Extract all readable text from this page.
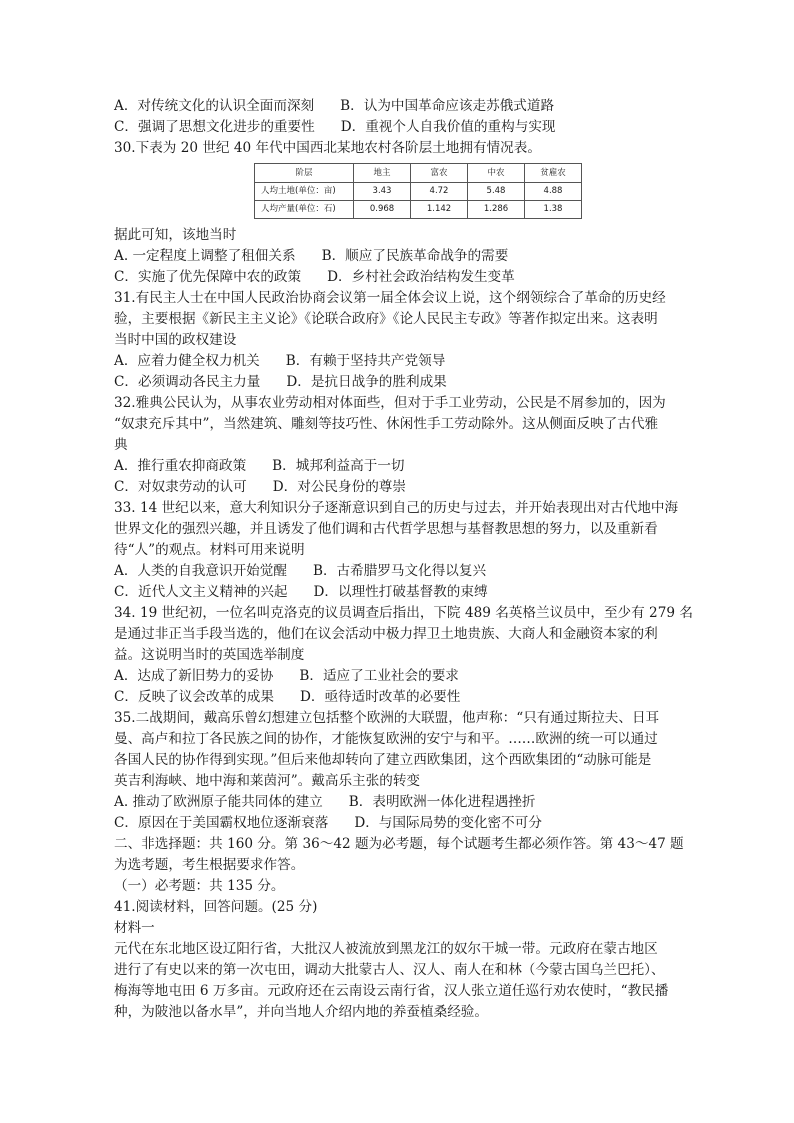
A．对传统文化的认识全面而深刻 B．认为中国革命应该走苏俄式道路
C．强调了思想文化进步的重要性 D．重视个人自我价值的重构与实现
30.下表为 20 世纪 40 年代中国西北某地农村各阶层土地拥有情况表。
阶层	地主	富农	中农	贫雇农
人均土地(单位：亩)	3.43	4.72	5.48	4.88
人均产量(单位：石)	0.968	1.142	1.286	1.38
据此可知，该地当时
A. 一定程度上调整了租佃关系 B．顺应了民族革命战争的需要
C．实施了优先保障中农的政策 D．乡村社会政治结构发生变革
31.有民主人士在中国人民政治协商会议第一届全体会议上说，这个纲领综合了革命的历史经
验，主要根据《新民主主义论》《论联合政府》《论人民民主专政》等著作拟定出来。这表明
当时中国的政权建设
A．应着力健全权力机关 B．有赖于坚持共产党领导
C．必须调动各民主力量 D．是抗日战争的胜利成果
32.雅典公民认为，从事农业劳动相对体面些，但对于手工业劳动，公民是不屑参加的，因为
“奴隶充斥其中”，当然建筑、雕刻等技巧性、休闲性手工劳动除外。这从侧面反映了古代雅
典
A．推行重农抑商政策 B．城邦利益高于一切
C．对奴隶劳动的认可 D．对公民身份的尊崇
33. 14 世纪以来，意大利知识分子逐渐意识到自己的历史与过去，并开始表现出对古代地中海
世界文化的强烈兴趣，并且诱发了他们调和古代哲学思想与基督教思想的努力，以及重新看
待“人”的观点。材料可用来说明
A．人类的自我意识开始觉醒 B．古希腊罗马文化得以复兴
C．近代人文主义精神的兴起 D．以理性打破基督教的束缚
34. 19 世纪初，一位名叫克洛克的议员调查后指出，下院 489 名英格兰议员中，至少有 279 名
是通过非正当手段当选的，他们在议会活动中极力捍卫土地贵族、大商人和金融资本家的利
益。这说明当时的英国选举制度
A．达成了新旧势力的妥协 B．适应了工业社会的要求
C．反映了议会改革的成果 D．亟待适时改革的必要性
35.二战期间，戴高乐曾幻想建立包括整个欧洲的大联盟，他声称：“只有通过斯拉夫、日耳
曼、高卢和拉丁各民族之间的协作，才能恢复欧洲的安宁与和平。……欧洲的统一可以通过
各国人民的协作得到实现。”但后来他却转向了建立西欧集团，这个西欧集团的“动脉可能是
英吉利海峡、地中海和莱茵河”。戴高乐主张的转变
A. 推动了欧洲原子能共同体的建立 B．表明欧洲一体化进程遇挫折
C．原因在于美国霸权地位逐渐衰落 D．与国际局势的变化密不可分
二、非选择题：共 160 分。第 36～42 题为必考题，每个试题考生都必须作答。第 43～47 题
为选考题，考生根据要求作答。
（一）必考题：共 135 分。
41.阅读材料，回答问题。(25 分)
材料一
元代在东北地区设辽阳行省，大批汉人被流放到黑龙江的奴尔干城一带。元政府在蒙古地区
进行了有史以来的第一次屯田，调动大批蒙古人、汉人、南人在和林（今蒙古国乌兰巴托）、
梅海等地屯田 6 万多亩。元政府还在云南设云南行省，汉人张立道任巡行劝农使时，“教民播
种，为陂池以备水旱”，并向当地人介绍内地的养蚕植桑经验。
